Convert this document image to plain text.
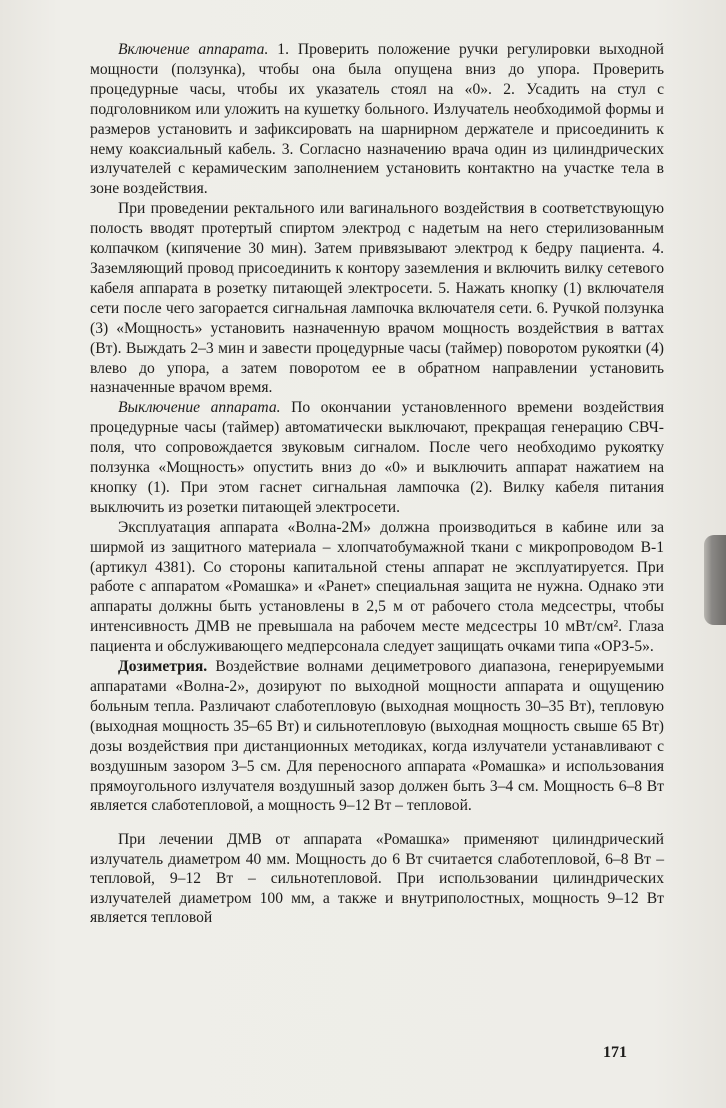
Включение аппарата. 1. Проверить положение ручки регулировки выходной мощности (ползунка), чтобы она была опущена вниз до упора. Проверить процедурные часы, чтобы их указатель стоял на «0». 2. Усадить на стул с подголовником или уложить на кушетку больного. Излучатель необходимой формы и размеров установить и зафиксировать на шарнирном держателе и присоединить к нему коаксиальный кабель. 3. Согласно назначению врача один из цилиндрических излучателей с керамическим заполнением установить контактно на участке тела в зоне воздействия.

При проведении ректального или вагинального воздействия в соответствующую полость вводят протертый спиртом электрод с надетым на него стерилизованным колпачком (кипячение 30 мин). Затем привязывают электрод к бедру пациента. 4. Заземляющий провод присоединить к контору заземления и включить вилку сетевого кабеля аппарата в розетку питающей электросети. 5. Нажать кнопку (1) включателя сети после чего загорается сигнальная лампочка включателя сети. 6. Ручкой ползунка (3) «Мощность» установить назначенную врачом мощность воздействия в ваттах (Вт). Выждать 2–3 мин и завести процедурные часы (таймер) поворотом рукоятки (4) влево до упора, а затем поворотом ее в обратном направлении установить назначенные врачом время.

Выключение аппарата. По окончании установленного времени воздействия процедурные часы (таймер) автоматически выключают, прекращая генерацию СВЧ-поля, что сопровождается звуковым сигналом. После чего необходимо рукоятку ползунка «Мощность» опустить вниз до «0» и выключить аппарат нажатием на кнопку (1). При этом гаснет сигнальная лампочка (2). Вилку кабеля питания выключить из розетки питающей электросети.

Эксплуатация аппарата «Волна-2М» должна производиться в кабине или за ширмой из защитного материала – хлопчатобумажной ткани с микропроводом В-1 (артикул 4381). Со стороны капитальной стены аппарат не эксплуатируется. При работе с аппаратом «Ромашка» и «Ранет» специальная защита не нужна. Однако эти аппараты должны быть установлены в 2,5 м от рабочего стола медсестры, чтобы интенсивность ДМВ не превышала на рабочем месте медсестры 10 мВт/см². Глаза пациента и обслуживающего медперсонала следует защищать очками типа «ОРЗ-5».

Дозиметрия. Воздействие волнами дециметрового диапазона, генерируемыми аппаратами «Волна-2», дозируют по выходной мощности аппарата и ощущению больным тепла. Различают слаботепловую (выходная мощность 30–35 Вт), тепловую (выходная мощность 35–65 Вт) и сильнотепловую (выходная мощность свыше 65 Вт) дозы воздействия при дистанционных методиках, когда излучатели устанавливают с воздушным зазором 3–5 см. Для переносного аппарата «Ромашка» и использования прямоугольного излучателя воздушный зазор должен быть 3–4 см. Мощность 6–8 Вт является слаботепловой, а мощность 9–12 Вт – тепловой.

При лечении ДМВ от аппарата «Ромашка» применяют цилиндрический излучатель диаметром 40 мм. Мощность до 6 Вт считается слаботепловой, 6–8 Вт – тепловой, 9–12 Вт – сильнотепловой. При использовании цилиндрических излучателей диаметром 100 мм, а также и внутриполостных, мощность 9–12 Вт является тепловой

171
